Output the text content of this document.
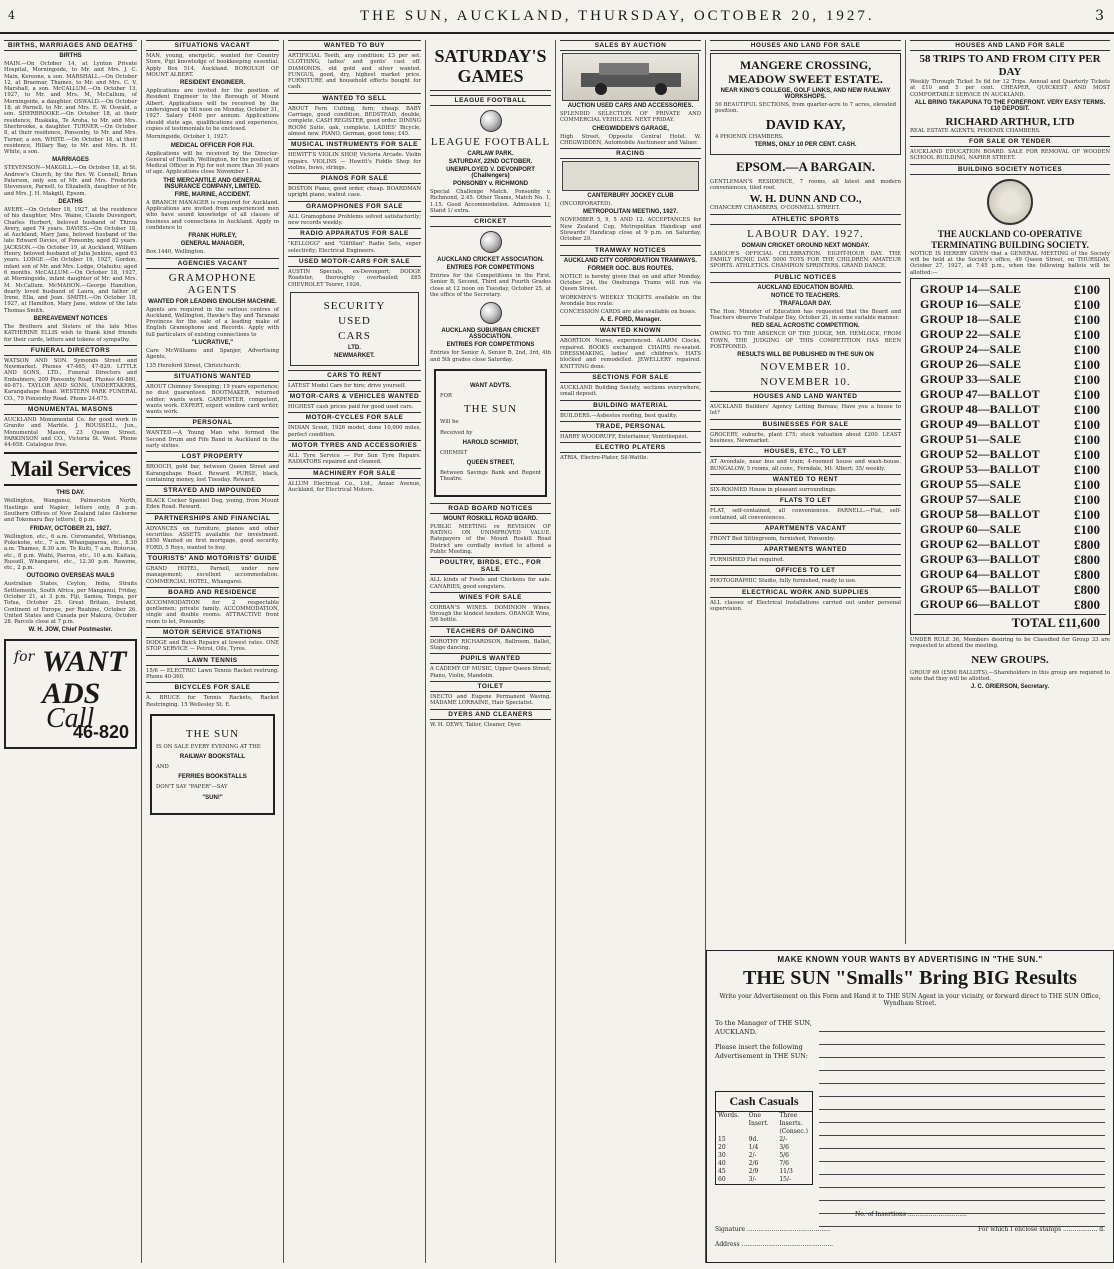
4	THE SUN, AUCKLAND, THURSDAY, OCTOBER 20, 1927.	3
BIRTHS, MARRIAGES AND DEATHS
BIRTHS
MAIN.—On October 14, at Lynton Private Hospital, Morningside, to Mr. and Mrs. J. C. Main, Kereone, a son. MARSHALL.—On October 12, at Braemar, Thames, to Mr. and Mrs. C. V. Marshall, a son. McCALLUM.—On October 13, 1927, to Mr. and Mrs. M. McCallum, of Morningside, a daughter. OSWALD.—On October 18, at Parnell, to Mr. and Mrs. E. W. Oswald, a son. SHERBROOKE.—On October 18, at their residence, Ruakaka, Te Aroha, to Mr. and Mrs. Sherbrooke, a daughter. TURNER.—On October 8, at their residence, Ponsonby, to Mr. and Mrs. Turner, a son. WHITE.—On October 18, at their residence, Hillary Bay, to Mr. and Mrs. R. H. White, a son.
MARRIAGES
STEVENSON—MAKGILL.—On October 18, at St. Andrew's Church, by the Rev. W. Connell, Brian Paterson, only son of Mr. and Mrs. Frederick Stevenson, Parnell, to Elizabeth, daughter of Mr. and Mrs. J. H. Makgill, Epsom.
DEATHS
AVERY.—On October 18, 1927, at the residence of his daughter, Mrs. Waine, Claude Duvenport, Charles Herbert, beloved husband of Thirza Avery, aged 74 years. DAVIES.—On October 18, at Auckland, Mary Jane, beloved husband of the late Edward Davies, of Ponsonby, aged 82 years. JACKSON.—On October 19, at Auckland, William Henry, beloved husband of Julia Jenkins, aged 63 years. LODGE.—On October 19, 1927, Gordon, infant son of Mr. and Mrs. Lodge, Otahuhu; aged 6 months. McCALLUM.—On October 18, 1927, at Morningside, infant daughter of Mr. and Mrs. M. McCallum. McMAHON.—George Hamilton, dearly loved husband of Laura, and father of Irene, Ella, and Jean. SMITH.—On October 18, 1927, at Hamilton, Mary Jane, widow of the late Thomas Smith.
BEREAVEMENT NOTICES
The Brothers and Sisters of the late Miss KATHERINE ELLIS wish to thank kind friends for their cards, letters and tokens of sympathy.
FUNERAL DIRECTORS
WATSON AND SON. Symonds Street and Newmarket. Phones 47-465, 47-829. LITTLE AND SONS, LTD., Funeral Directors and Embalmers, 209 Ponsonby Road. Phones 40-860, 40-871. TAYLOR AND SONS, UNDERTAKERS, Karangahape Road. WESTERN PARK FUNERAL CO., 79 Ponsonby Road. Phone 24-675.
MONUMENTAL MASONS
AUCKLAND Monumental Co. for good work in Granite and Marble. J. ROUSSELL, Jun., Monumental Mason, 23 Queen Street. PARKINSON and CO., Victoria St. West. Phone 44-658. Catalogue free.
Mail Services
THIS DAY.
Wellington, Wanganui, Palmerston North, Hastings and Napier, letters only, 8 p.m. Southern Offices of New Zealand (also Gisborne and Tokomaru Bay letters), 8 p.m.
FRIDAY, OCTOBER 21, 1927.
Wellington, etc., 6 a.m. Coromandel, Whitianga, Pukekohe, etc., 7 a.m. Whangaparoa, etc., 8.30 a.m. Thames, 8.30 a.m. Te Kuiti, 7 a.m. Rotorua, etc., 8 p.m. Waihi, Paeroa, etc., 10 a.m. Kaitaia, Russell, Whangarei, etc., 12.30 p.m. Rawene, etc., 2 p.m.
OUTGOING OVERSEAS MAILS
Australian States, Ceylon, India, Straits Settlements, South Africa, per Manganui, Friday, October 21, at 3 p.m. Fiji, Samoa, Tonga, per Tofua, October 25. Great Britain, Ireland, Continent of Europe, per Ruahine, October 26. United States and Canada per Makura, October 28. Parcels close at 7 p.m.
W. H. JOW, Chief Postmaster.
for WANT
ADS
Call
46-820
SITUATIONS VACANT
MAN, young, energetic, wanted for Country Store, Pipi knowledge of bookkeeping essential. Apply Box 514, Auckland. BOROUGH OF MOUNT ALBERT.
RESIDENT ENGINEER.
Applications are invited for the position of Resident Engineer to the Borough of Mount Albert. Applications will be received by the undersigned up till noon on Monday, October 31, 1927. Salary £400 per annum. Applications should state age, qualifications and experience, copies of testimonials to be enclosed.
Morningside, October 1, 1927.
MEDICAL OFFICER FOR FIJI.
Applications will be received by the Director-General of Health, Wellington, for the position of Medical Officer in Fiji for not more than 30 years of age. Applications close November 1.
THE MERCANTILE AND GENERAL INSURANCE COMPANY, LIMITED.
FIRE, MARINE, ACCIDENT.
A BRANCH MANAGER is required for Auckland. Applications are invited from experienced men who have sound knowledge of all classes of business and connections in Auckland. Apply in confidence to
FRANK HURLEY,
GENERAL MANAGER,
Box 1440, Wellington.
AGENCIES VACANT
GRAMOPHONE AGENTS
WANTED FOR LEADING ENGLISH MACHINE.
Agents are required in the various centres of Auckland, Wellington, Hawke's Bay and Taranaki Provinces for the sale of a leading make of English Gramophone and Records. Apply with full particulars of existing connections to
"LUCRATIVE,"
Care McWilliams and Spanjer, Advertising Agents,
135 Hereford Street, Christchurch.
SITUATIONS WANTED
ABOUT Chimney Sweeping; 19 years experience; no dust guaranteed. BOOTMAKER, returned soldier, wants work. CARPENTER, competent, wants work. EXPERT, expert window card writer, wants work.
PERSONAL
WANTED.—A Young Man who formed the Second Drum and Fife Band in Auckland in the early sixties.
LOST PROPERTY
BROOCH, gold bar, between Queen Street and Karangahape Road. Reward. PURSE, black, containing money, lost Tuesday. Reward.
STRAYED AND IMPOUNDED
BLACK Cocker Spaniel Dog, young, from Mount Eden Road. Reward.
PARTNERSHIPS AND FINANCIAL
ADVANCES on furniture, pianos and other securities. ASSETS available for investment. £850 Wanted on first mortgage, good security. FORD, 5 Roys, wanted to buy.
TOURISTS' AND MOTORISTS' GUIDE
GRAND HOTEL, Parnell, under new management; excellent accommodation. COMMERCIAL HOTEL, Whangarei.
BOARD AND RESIDENCE
ACCOMMODATION for 2 respectable gentlemen; private family. ACCOMMODATION, single and double rooms. ATTRACTIVE front room to let, Ponsonby.
MOTOR SERVICE STATIONS
DODGE and Buick Repairs at lowest rates. ONE STOP SERVICE — Petrol, Oils, Tyres.
LAWN TENNIS
15/6 — ELECTRIC Lawn Tennis Racket restrung. Phone 40-360.
BICYCLES FOR SALE
A. BRUCE for Tennis Rackets, Racket Restringing. 15 Wellesley St. E.
THE SUN
IS ON SALE EVERY EVENING AT THE
RAILWAY BOOKSTALL
AND
FERRIES BOOKSTALLS
DON'T SAY "PAPER"—SAY
"SUN!"
WANTED TO BUY
ARTIFICIAL Teeth, any condition; £3 per set. CLOTHING, ladies' and gents' cast off. DIAMONDS, old gold and silver wanted. FUNGUS, good, dry, highest market price. FURNITURE and household effects bought for cash.
WANTED TO SELL
ABOUT Fern Cutting, fern; cheap. BABY Carriage, good condition. BEDSTEAD, double, complete. CASH REGISTER, good order. DINING ROOM Suite, oak, complete. LADIES' Bicycle, almost new. PIANO, German, good tone; £45.
MUSICAL INSTRUMENTS FOR SALE
HEWITT'S VIOLIN SHOP, Victoria Arcade. Violin repairs. VIOLINS — Hewitt's Fiddle Shop for violins, bows, strings.
PIANOS FOR SALE
BOSTON Piano, good order, cheap. BOARDMAN upright piano, walnut case.
GRAMOPHONES FOR SALE
ALL Gramophone Problems solved satisfactorily; new records weekly.
RADIO APPARATUS FOR SALE
"KELLOGG" and "Gilfillan" Radio Sets, super selectivity; Electrical Engineers.
USED MOTOR-CARS FOR SALE
AUSTIN Specials, ex-Devonport; DODGE Roadster, thoroughly overhauled; £65 CHEVROLET Tourer, 1926.
SECURITY
USED
CARS
LTD.
NEWMARKET.
CARS TO RENT
LATEST Model Cars for hire; drive yourself.
MOTOR-CARS & VEHICLES WANTED
HIGHEST cash prices paid for good used cars.
MOTOR-CYCLES FOR SALE
INDIAN Scout, 1926 model, done 10,000 miles, perfect condition.
MOTOR TYRES AND ACCESSORIES
ALL Tyre Service — For Sun Tyre Repairs. RADIATORS repaired and cleaned.
MACHINERY FOR SALE
ALLUM Electrical Co., Ltd., Anzac Avenue, Auckland, for Electrical Motors.
SATURDAY'S GAMES
LEAGUE FOOTBALL
LEAGUE FOOTBALL
CARLAW PARK.
SATURDAY, 22ND OCTOBER.
UNEMPLOYED V. DEVONPORT (Challengers)
PONSONBY v. RICHMOND
Special Challenge Match. Ponsonby v. Richmond, 2.45. Other Teams, Match No. 1, 1.15. Good Accommodation. Admission 1/, Stand 1/ extra.
CRICKET
AUCKLAND CRICKET ASSOCIATION.
ENTRIES FOR COMPETITIONS
Entries for the Competitions in the First, Senior B, Second, Third and Fourth Grades close at 12 noon on Tuesday, October 25, at the office of the Secretary.
AUCKLAND SUBURBAN CRICKET ASSOCIATION.
ENTRIES FOR COMPETITIONS
Entries for Senior A, Senior B, 2nd, 3rd, 4th and 5th grades close Saturday.
WANT ADVTS.
FOR
THE SUN
Will be
Received by
HAROLD SCHMIDT,
CHEMIST
QUEEN STREET,
Between Savings Bank and Regent Theatre.
ROAD BOARD NOTICES
MOUNT ROSKILL ROAD BOARD.
PUBLIC MEETING re REVISION OF RATING ON UNIMPROVED VALUE. Ratepayers of the Mount Roskill Road District are cordially invited to attend a Public Meeting.
POULTRY, BIRDS, ETC., FOR SALE
ALL kinds of Fowls and Chickens for sale. CANARIES, good songsters.
WINES FOR SALE
CORBAN'S WINES. DOMINION Wines, through the kindest tenders. ORANGE Wine, 5/6 bottle.
TEACHERS OF DANCING
DOROTHY RICHARDSON, Ballroom, Ballet, Stage dancing.
PUPILS WANTED
A CADEMY OF MUSIC, Upper Queen Street; Piano, Violin, Mandolin.
TOILET
INECTO and Eugene Permanent Waving. MADAME LORRAINE, Hair Specialist.
DYERS AND CLEANERS
W. H. DEWY, Tailor, Cleaner, Dyer.
SALES BY AUCTION
AUCTION USED CARS AND ACCESSORIES.
SPLENDID SELECTION OF PRIVATE AND COMMERCIAL VEHICLES. NEXT FRIDAY.
CHEGWIDDEN'S GARAGE,
High Street, Opposite Central Hotel. W. CHEGWIDDEN, Automobile Auctioneer and Valuer.
RACING
CANTERBURY JOCKEY CLUB
(INCORPORATED).
METROPOLITAN MEETING, 1927.
NOVEMBER 5, 9, 5 AND 12. ACCEPTANCES for New Zealand Cup, Metropolitan Handicap and Stewards' Handicap close at 9 p.m. on Saturday, October 29.
TRAMWAY NOTICES
AUCKLAND CITY CORPORATION TRAMWAYS.
FORMER GOC. BUS ROUTES.
NOTICE is hereby given that on and after Monday, October 24, the Onehunga Trams will run via Queen Street.
WORKMEN'S WEEKLY TICKETS available on the Avondale bus route.
CONCESSION CARDS are also available on buses.
A. E. FORD, Manager.
WANTED KNOWN
ABORTION Nurse, experienced. ALARM Clocks, repaired. BOOKS exchanged. CHAIRS re-seated. DRESSMAKING, ladies' and children's. HATS blocked and remodelled. JEWELLERY repaired. KNITTING done.
SECTIONS FOR SALE
AUCKLAND Building Society, sections everywhere, small deposit.
BUILDING MATERIAL
BUILDERS.—Asbestos roofing, best quality.
TRADE, PERSONAL
HARRY WOODRUFF, Entertainer, Ventriloquist.
ELECTRO PLATERS
ATRIA, Electro-Plater, Sil-Wattle.
HOUSES AND LAND FOR SALE
MANGERE CROSSING, MEADOW SWEET ESTATE.
NEAR KING'S COLLEGE, GOLF LINKS, AND NEW RAILWAY WORKSHOPS.
50 BEAUTIFUL SECTIONS, from quarter-acre to 7 acres, elevated position.
DAVID KAY,
4 PHOENIX CHAMBERS.
TERMS, ONLY 10 PER CENT. CASH.
EPSOM.—A BARGAIN.
GENTLEMAN'S RESIDENCE, 7 rooms, all latest and modern conveniences, tiled roof.
W. H. DUNN AND CO.,
CHANCERY CHAMBERS, O'CONNELL STREET.
ATHLETIC SPORTS
LABOUR DAY. 1927.
DOMAIN CRICKET GROUND NEXT MONDAY.
LABOUR'S OFFICIAL CELEBRATION. EIGHT-HOUR DAY. THE FAMILY PICNIC DAY. 5000 TOYS FOR THE CHILDREN. AMATEUR SPORTS. ATHLETICS. CHAMPION SPRINTERS. GRAND DANCE.
PUBLIC NOTICES
AUCKLAND EDUCATION BOARD.
NOTICE TO TEACHERS.
TRAFALGAR DAY.
The Hon. Minister of Education has requested that the Board and Teachers observe Trafalgar Day, October 21, in some suitable manner.
RED SEAL ACROSTIC COMPETITION.
OWING TO THE ABSENCE OF THE JUDGE, MR. HEMLOCK, FROM TOWN, THE JUDGING OF THIS COMPETITION HAS BEEN POSTPONED.
RESULTS WILL BE PUBLISHED IN THE SUN ON
NOVEMBER 10.
NOVEMBER 10.
HOUSES AND LAND WANTED
AUCKLAND Builders' Agency Letting Bureau; Have you a house to let?
BUSINESSES FOR SALE
GROCERY, suburbs, plant £75; stock valuation about £200. LEAST business, Newmarket.
HOUSES, ETC., TO LET
AT Avondale, near bus and train; 4-roomed house and wash-house. BUNGALOW, 5 rooms, all conv., Ferndale, Mt. Albert; 35/ weekly.
WANTED TO RENT
SIX-ROOMED House in pleasant surroundings.
FLATS TO LET
FLAT, self-contained, all conveniences. PARNELL.—Flat, self-contained, all conveniences.
APARTMENTS VACANT
FRONT Bed Sittingroom, furnished, Ponsonby.
APARTMENTS WANTED
FURNISHED Flat required.
OFFICES TO LET
PHOTOGRAPHIC Studio, fully furnished, ready to use.
ELECTRICAL WORK AND SUPPLIES
ALL classes of Electrical Installations carried out under personal supervision.
HOUSES AND LAND FOR SALE
58 TRIPS TO AND FROM CITY PER DAY
Weekly Through Ticket 5s 6d for 12 Trips. Annual and Quarterly Tickets at £10 and 5 per cent. CHEAPER, QUICKEST AND MOST COMFORTABLE SERVICE IN AUCKLAND.
ALL BRING TAKAPUNA TO THE FOREFRONT. VERY EASY TERMS. £10 DEPOSIT.
RICHARD ARTHUR, LTD
REAL ESTATE AGENTS, PHOENIX CHAMBERS.
FOR SALE OR TENDER
AUCKLAND EDUCATION BOARD. SALE FOR REMOVAL OF WOODEN SCHOOL BUILDING, NAPIER STREET.
BUILDING SOCIETY NOTICES
THE AUCKLAND CO-OPERATIVE TERMINATING BUILDING SOCIETY.
NOTICE IS HEREBY GIVEN that a GENERAL MEETING of the Society will be held at the Society's office, 49 Queen Street, on THURSDAY, October 27, 1927, at 7.45 p.m., when the following ballots will be allotted:—
GROUP 14—SALE	£100
GROUP 16—SALE	£100
GROUP 18—SALE	£100
GROUP 22—SALE	£100
GROUP 24—SALE	£100
GROUP 26—SALE	£100
GROUP 33—SALE	£100
GROUP 47—BALLOT	£100
GROUP 48—BALLOT	£100
GROUP 49—BALLOT	£100
GROUP 51—SALE	£100
GROUP 52—BALLOT	£100
GROUP 53—BALLOT	£100
GROUP 55—SALE	£100
GROUP 57—SALE	£100
GROUP 58—BALLOT	£100
GROUP 60—SALE	£100
GROUP 62—BALLOT	£800
GROUP 63—BALLOT	£800
GROUP 64—BALLOT	£800
GROUP 65—BALLOT	£800
GROUP 66—BALLOT	£800
TOTAL £11,600
UNDER RULE 36, Members desiring to be Classified for Group 33 are requested to attend the meeting.
NEW GROUPS.
GROUP 69 (£500 BALLOTS).—Shareholders in this group are required to note that they will be allotted.
J. C. GRIERSON, Secretary.
MAKE KNOWN YOUR WANTS BY ADVERTISING IN "THE SUN."
THE SUN "Smalls" Bring BIG Results
Write your Advertisement on this Form and Hand it to THE SUN Agent in your vicinity, or forward direct to THE SUN Office, Wyndham Street.
To the Manager of THE SUN,
AUCKLAND.
Please insert the following Advertisement in THE SUN:
Cash Casuals
Words.	One Insert.
Three Inserts. (Consec.)
15	9d.	2/-
20	1/4	3/6
30	2/-	5/6
40	2/6	7/6
45	2/9	11/3
60	3/-	15/-
No. of Insertions ...............................
Signature ............................................	For which I enclose stamps .................. d.
Address ................................................
